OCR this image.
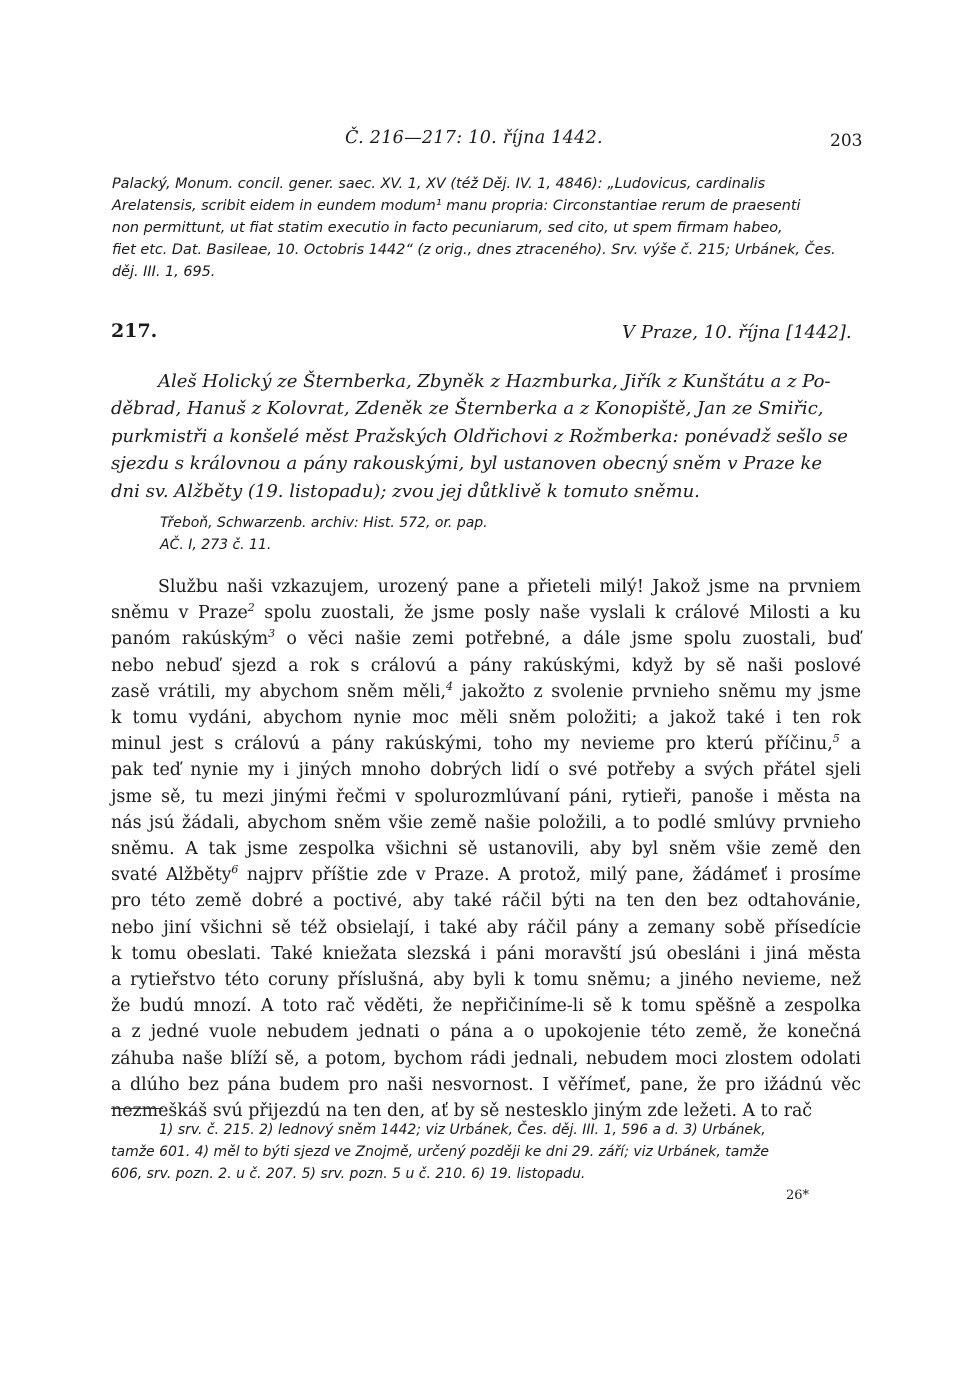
Č. 216—217: 10. října 1442.	203
Palacký, Monum. concil. gener. saec. XV. 1, XV (též Děj. IV. 1, 4846): „Ludovicus, cardinalis
Arelatensis, scribit eidem in eundem modum¹ manu propria: Circonstantiae rerum de praesenti
non permittunt, ut fiat statim executio in facto pecuniarum, sed cito, ut spem firmam habeo,
fiet etc. Dat. Basileae, 10. Octobris 1442“ (z orig., dnes ztraceného). Srv. výše č. 215; Urbánek, Čes.
děj. III. 1, 695.
217.	V Praze, 10. října [1442].
Aleš Holický ze Šternberka, Zbyněk z Hazmburka, Jiřík z Kunštátu a z Po-
děbrad, Hanuš z Kolovrat, Zdeněk ze Šternberka a z Konopiště, Jan ze Smiřic,
purkmistři a konšelé měst Pražských Oldřichovi z Rožmberka: ponévadž sešlo se
sjezdu s královnou a pány rakouskými, byl ustanoven obecný sněm v Praze ke
dni sv. Alžběty (19. listopadu); zvou jej důtklivě k tomuto sněmu.
Třeboň, Schwarzenb. archiv: Hist. 572, or. pap.
AČ. I, 273 č. 11.
Službu naši vzkazujem, urozený pane a přieteli milý! Jakož jsme na prvniem
sněmu v Praze$^2$ spolu zuostali, že jsme posly naše vyslali k crálové Milosti a ku
panóm rakúským$^3$ o věci našie zemi potřebné, a dále jsme spolu zuostali, buď
nebo nebuď sjezd a rok s crálovú a pány rakúskými, když by sě naši poslové
zasě vrátili, my abychom sněm měli,$^4$ jakožto z svolenie prvnieho sněmu my jsme
k tomu vydáni, abychom nynie moc měli sněm položiti; a jakož také i ten rok
minul jest s crálovú a pány rakúskými, toho my nevieme pro kterú příčinu,$^5$ a
pak teď nynie my i jiných mnoho dobrých lidí o své potřeby a svých přátel sjeli
jsme sě, tu mezi jinými řečmi v spolurozmlúvaní páni, rytieři, panoše i města na
nás jsú žádali, abychom sněm všie země našie položili, a to podlé smlúvy prvnieho
sněmu. A tak jsme zespolka všichni sě ustanovili, aby byl sněm všie země den
svaté Alžběty$^6$ najprv příštie zde v Praze. A protož, milý pane, žádámeť i prosíme
pro této země dobré a poctivé, aby také ráčil býti na ten den bez odtahovánie,
nebo jiní všichni sě též obsielají, i také aby ráčil pány a zemany sobě přísedície
k tomu obeslati. Také kniežata slezská i páni moravští jsú obesláni i jiná města
a rytieřstvo této coruny příslušná, aby byli k tomu sněmu; a jiného nevieme, než
že budú mnozí. A toto rač věděti, že nepřičiníme-li sě k tomu spěšně a zespolka
a z jedné vuole nebudem jednati o pána a o upokojenie této země, že konečná
záhuba naše blíží sě, a potom, bychom rádi jednali, nebudem moci zlostem odolati
a dlúho bez pána budem pro naši nesvornost. I věřímeť, pane, že pro ižádnú věc
nezmeškáš svú přijezdú na ten den, ať by sě nestesklo jiným zde ležeti. A to rač
1) srv. č. 215. 2) lednový sněm 1442; viz Urbánek, Čes. děj. III. 1, 596 a d. 3) Urbánek,
tamže 601. 4) měl to býti sjezd ve Znojmě, určený později ke dni 29. září; viz Urbánek, tamže
606, srv. pozn. 2. u č. 207. 5) srv. pozn. 5 u č. 210. 6) 19. listopadu.
26*
